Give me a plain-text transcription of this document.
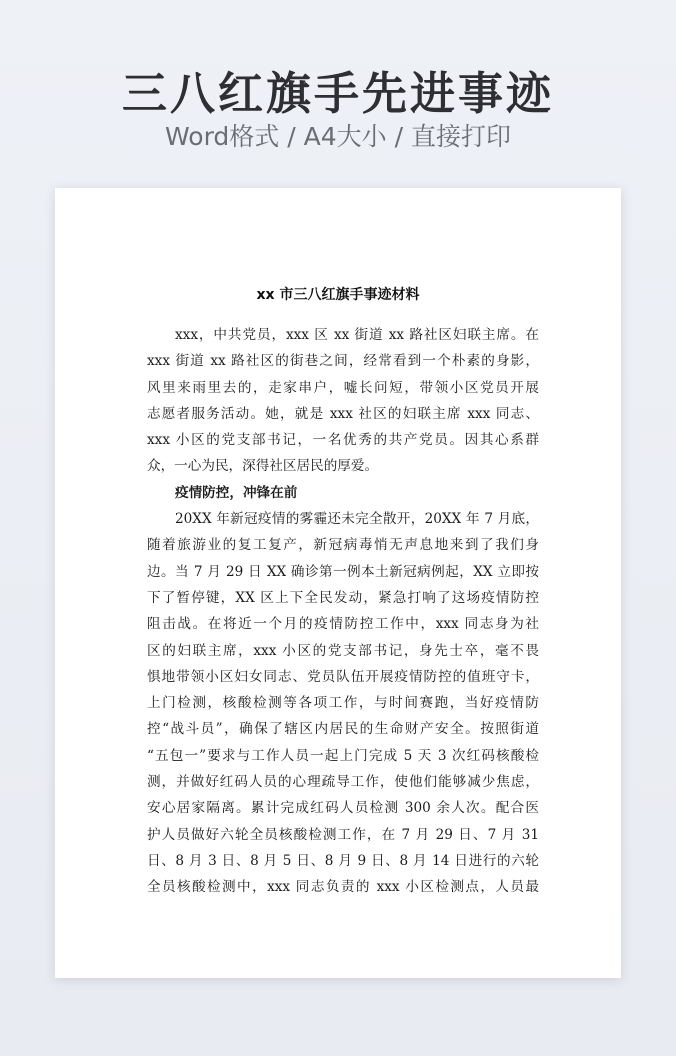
三八红旗手先进事迹
Word格式 / A4大小 / 直接打印
xx 市三八红旗手事迹材料
xxx，中共党员，xxx 区 xx 街道 xx 路社区妇联主席。在
xxx 街道 xx 路社区的街巷之间，经常看到一个朴素的身影，
风里来雨里去的，走家串户，嘘长问短，带领小区党员开展
志愿者服务活动。她，就是 xxx 社区的妇联主席 xxx 同志、
xxx 小区的党支部书记，一名优秀的共产党员。因其心系群
众，一心为民，深得社区居民的厚爱。
疫情防控，冲锋在前
20XX 年新冠疫情的雾霾还未完全散开，20XX 年 7 月底，
随着旅游业的复工复产，新冠病毒悄无声息地来到了我们身
边。当 7 月 29 日 XX 确诊第一例本土新冠病例起，XX 立即按
下了暂停键，XX 区上下全民发动，紧急打响了这场疫情防控
阻击战。在将近一个月的疫情防控工作中，xxx 同志身为社
区的妇联主席，xxx 小区的党支部书记，身先士卒，毫不畏
惧地带领小区妇女同志、党员队伍开展疫情防控的值班守卡，
上门检测，核酸检测等各项工作，与时间赛跑，当好疫情防
控“战斗员”，确保了辖区内居民的生命财产安全。按照街道
“五包一”要求与工作人员一起上门完成 5 天 3 次红码核酸检
测，并做好红码人员的心理疏导工作，使他们能够减少焦虑，
安心居家隔离。累计完成红码人员检测 300 余人次。配合医
护人员做好六轮全员核酸检测工作，在 7 月 29 日、7 月 31
日、8 月 3 日、8 月 5 日、8 月 9 日、8 月 14 日进行的六轮
全员核酸检测中，xxx 同志负责的 xxx 小区检测点，人员最
